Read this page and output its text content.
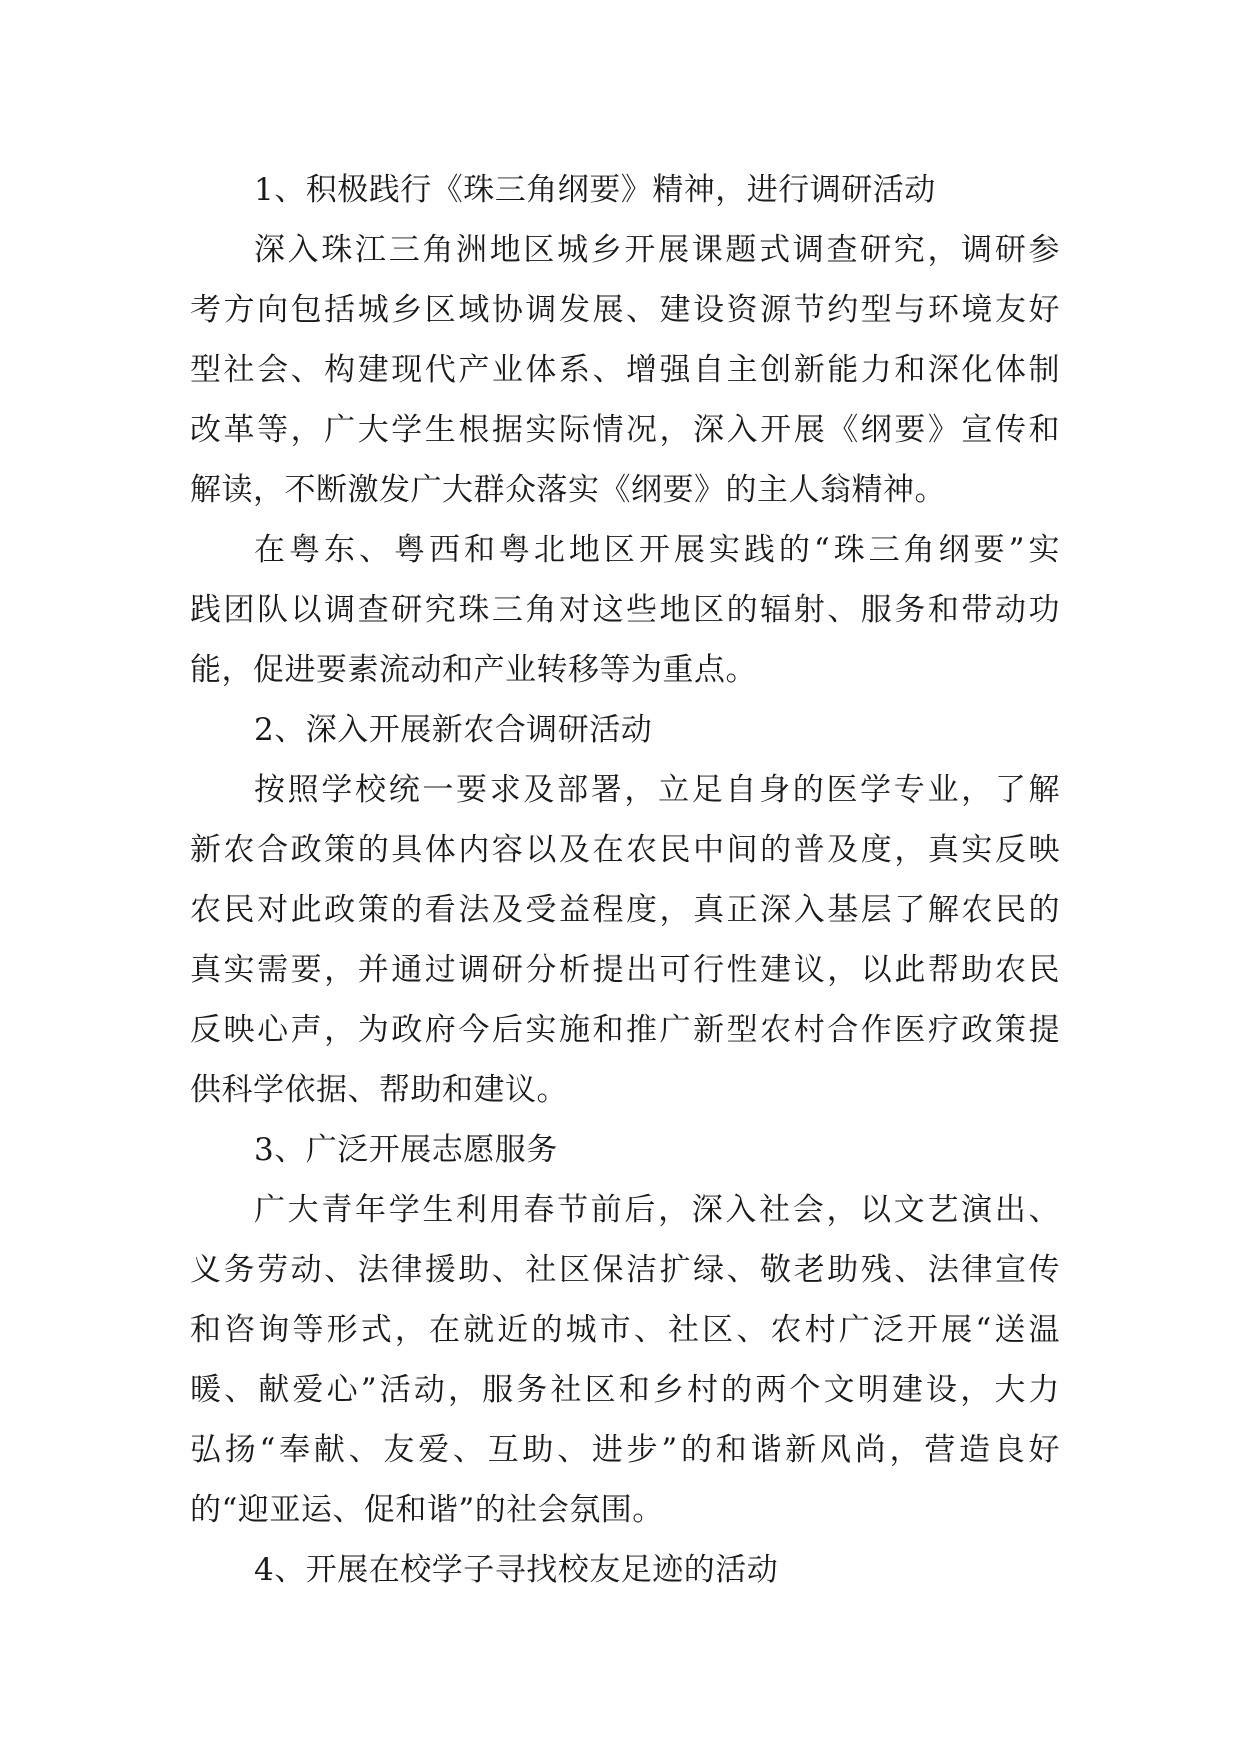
1、积极践行《珠三角纲要》精神，进行调研活动
深入珠江三角洲地区城乡开展课题式调查研究，调研参
考方向包括城乡区域协调发展、建设资源节约型与环境友好
型社会、构建现代产业体系、增强自主创新能力和深化体制
改革等，广大学生根据实际情况，深入开展《纲要》宣传和
解读，不断激发广大群众落实《纲要》的主人翁精神。
在粤东、粤西和粤北地区开展实践的“珠三角纲要”实
践团队以调查研究珠三角对这些地区的辐射、服务和带动功
能，促进要素流动和产业转移等为重点。
2、深入开展新农合调研活动
按照学校统一要求及部署，立足自身的医学专业，了解
新农合政策的具体内容以及在农民中间的普及度，真实反映
农民对此政策的看法及受益程度，真正深入基层了解农民的
真实需要，并通过调研分析提出可行性建议，以此帮助农民
反映心声，为政府今后实施和推广新型农村合作医疗政策提
供科学依据、帮助和建议。
3、广泛开展志愿服务
广大青年学生利用春节前后，深入社会，以文艺演出、
义务劳动、法律援助、社区保洁扩绿、敬老助残、法律宣传
和咨询等形式，在就近的城市、社区、农村广泛开展“送温
暖、献爱心”活动，服务社区和乡村的两个文明建设，大力
弘扬“奉献、友爱、互助、进步”的和谐新风尚，营造良好
的“迎亚运、促和谐”的社会氛围。
4、开展在校学子寻找校友足迹的活动
